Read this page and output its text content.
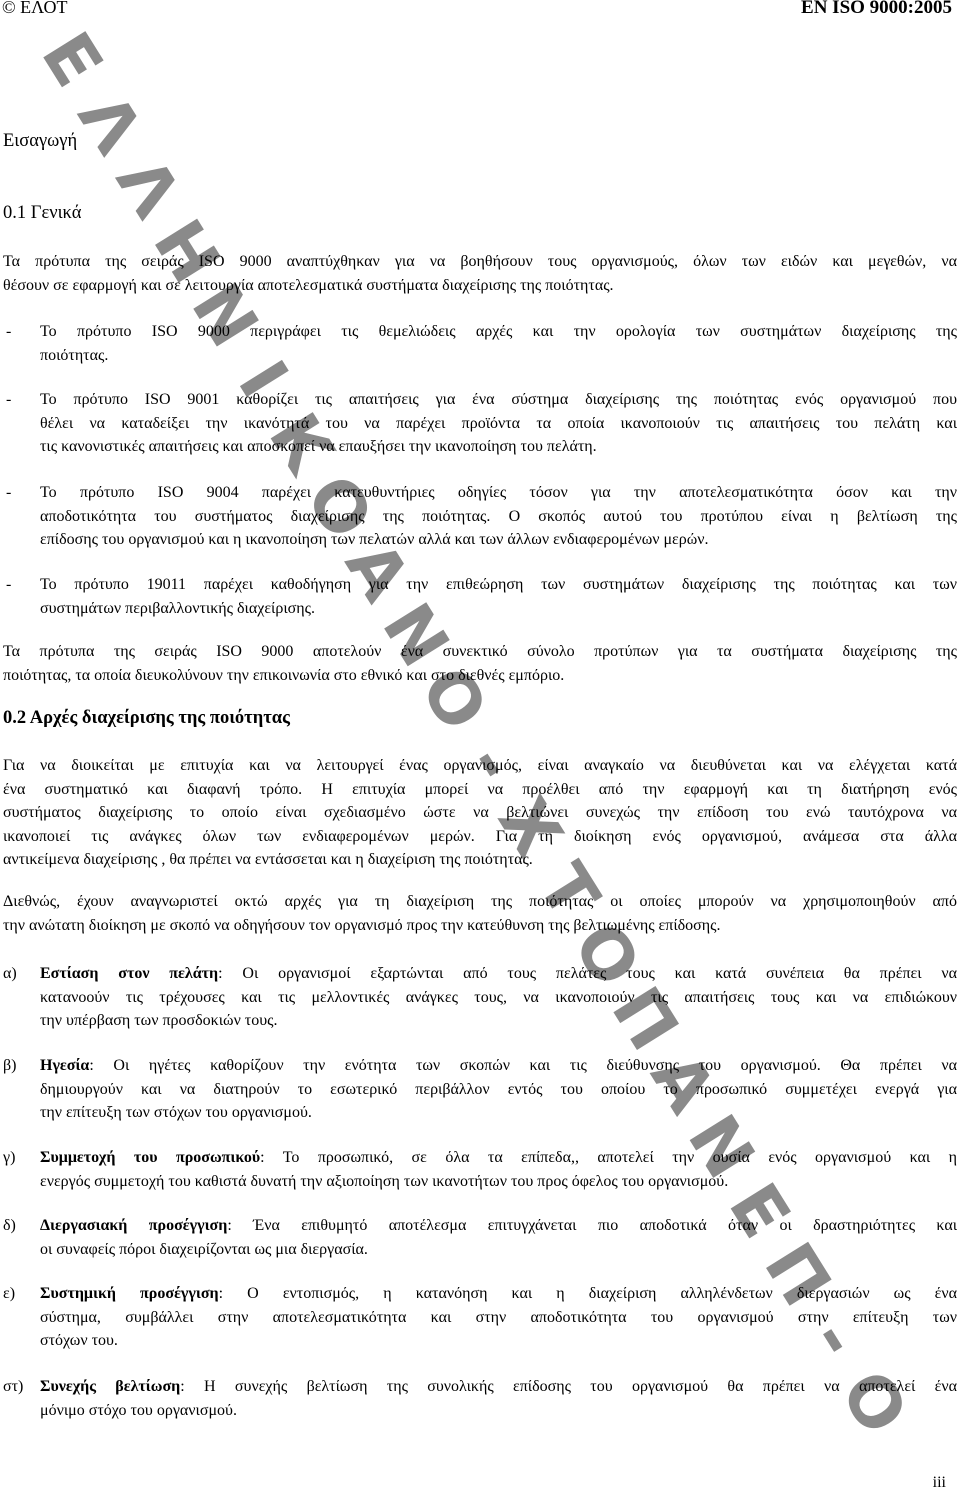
Ε
Λ
Λ
Η
Ν
Ι
Κ
Ο
Α
Ν
Ο
-
Χ
Τ
Ο
Π
Α
Ν
Ε
Π
-
Ο
© ΕΛΟΤ	EN ISO 9000:2005
Εισαγωγή
0.1 Γενικά
Τα πρότυπα της σειράς ISO 9000 αναπτύχθηκαν για να βοηθήσουν τους οργανισμούς, όλων των ειδών και μεγεθών, να
θέσουν σε εφαρμογή και σε λειτουργία αποτελεσματικά συστήματα διαχείρισης της ποιότητας.
- Το πρότυπο ISO 9000 περιγράφει τις θεμελιώδεις αρχές και την ορολογία των συστημάτων διαχείρισης της
ποιότητας.
- Το πρότυπο ISO 9001 καθορίζει τις απαιτήσεις για ένα σύστημα διαχείρισης της ποιότητας ενός οργανισμού που
θέλει να καταδείξει την ικανότητά του να παρέχει προϊόντα τα οποία ικανοποιούν τις απαιτήσεις του πελάτη και
τις κανονιστικές απαιτήσεις και αποσκοπεί να επαυξήσει την ικανοποίηση του πελάτη.
- Το πρότυπο ISO 9004 παρέχει κατευθυντήριες οδηγίες τόσον για την αποτελεσματικότητα όσον και την
αποδοτικότητα του συστήματος διαχείρισης της ποιότητας. Ο σκοπός αυτού του προτύπου είναι η βελτίωση της
επίδοσης του οργανισμού και η ικανοποίηση των πελατών αλλά και των άλλων ενδιαφερομένων μερών.
- Το πρότυπο 19011 παρέχει καθοδήγηση για την επιθεώρηση των συστημάτων διαχείρισης της ποιότητας και των
συστημάτων περιβαλλοντικής διαχείρισης.
Τα πρότυπα της σειράς ISO 9000 αποτελούν ένα συνεκτικό σύνολο προτύπων για τα συστήματα διαχείρισης της
ποιότητας, τα οποία διευκολύνουν την επικοινωνία στο εθνικό και στο διεθνές εμπόριο.
0.2 Αρχές διαχείρισης της ποιότητας
Για να διοικείται με επιτυχία και να λειτουργεί ένας οργανισμός, είναι αναγκαίο να διευθύνεται και να ελέγχεται κατά
ένα συστηματικό και διαφανή τρόπο. Η επιτυχία μπορεί να προέλθει από την εφαρμογή και τη διατήρηση ενός
συστήματος διαχείρισης το οποίο είναι σχεδιασμένο ώστε να βελτιώνει συνεχώς την επίδοση του ενώ ταυτόχρονα να
ικανοποιεί τις ανάγκες όλων των ενδιαφερομένων μερών. Για τη διοίκηση ενός οργανισμού, ανάμεσα στα άλλα
αντικείμενα διαχείρισης , θα πρέπει να εντάσσεται και η διαχείριση της ποιότητας.
Διεθνώς, έχουν αναγνωριστεί οκτώ αρχές για τη διαχείριση της ποιότητας οι οποίες μπορούν να χρησιμοποιηθούν από
την ανώτατη διοίκηση με σκοπό να οδηγήσουν τον οργανισμό προς την κατεύθυνση της βελτιωμένης επίδοσης.
α) Εστίαση στον πελάτη: Οι οργανισμοί εξαρτώνται από τους πελάτες τους και κατά συνέπεια θα πρέπει να
κατανοούν τις τρέχουσες και τις μελλοντικές ανάγκες τους, να ικανοποιούν τις απαιτήσεις τους και να επιδιώκουν
την υπέρβαση των προσδοκιών τους.
β) Ηγεσία: Οι ηγέτες καθορίζουν την ενότητα των σκοπών και τις διεύθυνσης του οργανισμού. Θα πρέπει να
δημιουργούν και να διατηρούν το εσωτερικό περιβάλλον εντός του οποίου το προσωπικό συμμετέχει ενεργά για
την επίτευξη των στόχων του οργανισμού.
γ) Συμμετοχή του προσωπικού: Το προσωπικό, σε όλα τα επίπεδα,, αποτελεί την ουσία ενός οργανισμού και η
ενεργός συμμετοχή του καθιστά δυνατή την αξιοποίηση των ικανοτήτων του προς όφελος του οργανισμού.
δ) Διεργασιακή προσέγγιση: Ένα επιθυμητό αποτέλεσμα επιτυγχάνεται πιο αποδοτικά όταν οι δραστηριότητες και
οι συναφείς πόροι διαχειρίζονται ως μια διεργασία.
ε) Συστημική προσέγγιση: Ο εντοπισμός, η κατανόηση και η διαχείριση αλληλένδετων διεργασιών ως ένα
σύστημα, συμβάλλει στην αποτελεσματικότητα και στην αποδοτικότητα του οργανισμού στην επίτευξη των
στόχων του.
στ) Συνεχής βελτίωση: Η συνεχής βελτίωση της συνολικής επίδοσης του οργανισμού θα πρέπει να αποτελεί ένα
μόνιμο στόχο του οργανισμού.
iii
